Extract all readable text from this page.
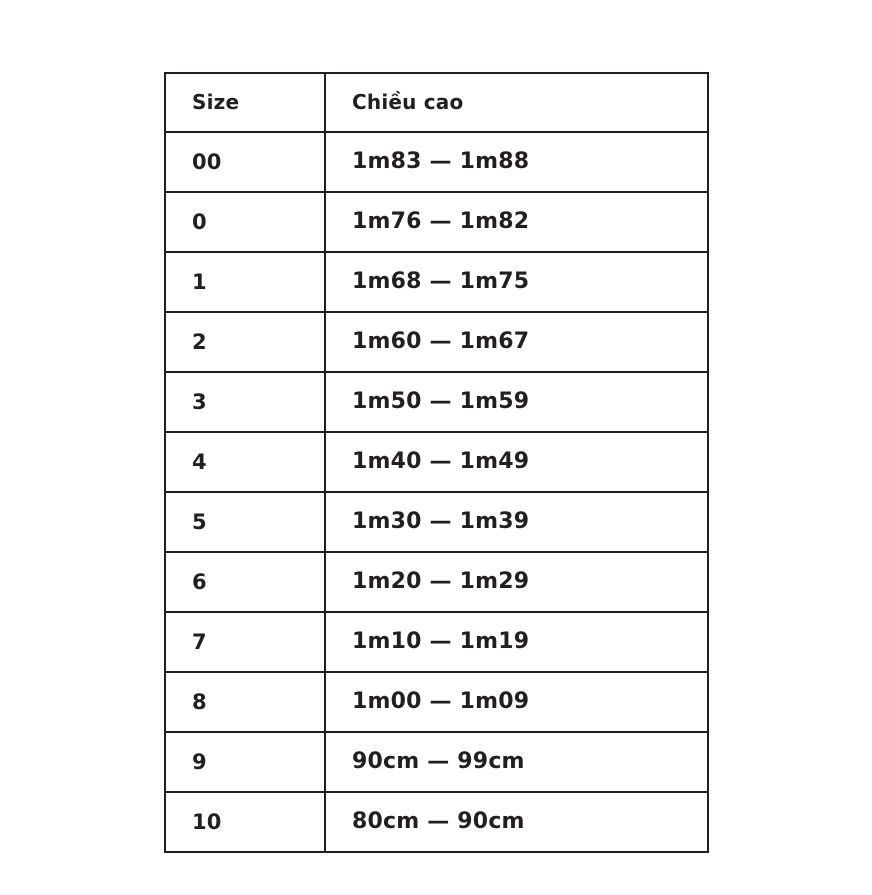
Size	Chiều cao

00	1m83 — 1m88

0	1m76 — 1m82

1	1m68 — 1m75

2	1m60 — 1m67

3	1m50 — 1m59

4	1m40 — 1m49

5	1m30 — 1m39

6	1m20 — 1m29

7	1m10 — 1m19

8	1m00 — 1m09

9	90cm — 99cm

10	80cm — 90cm
